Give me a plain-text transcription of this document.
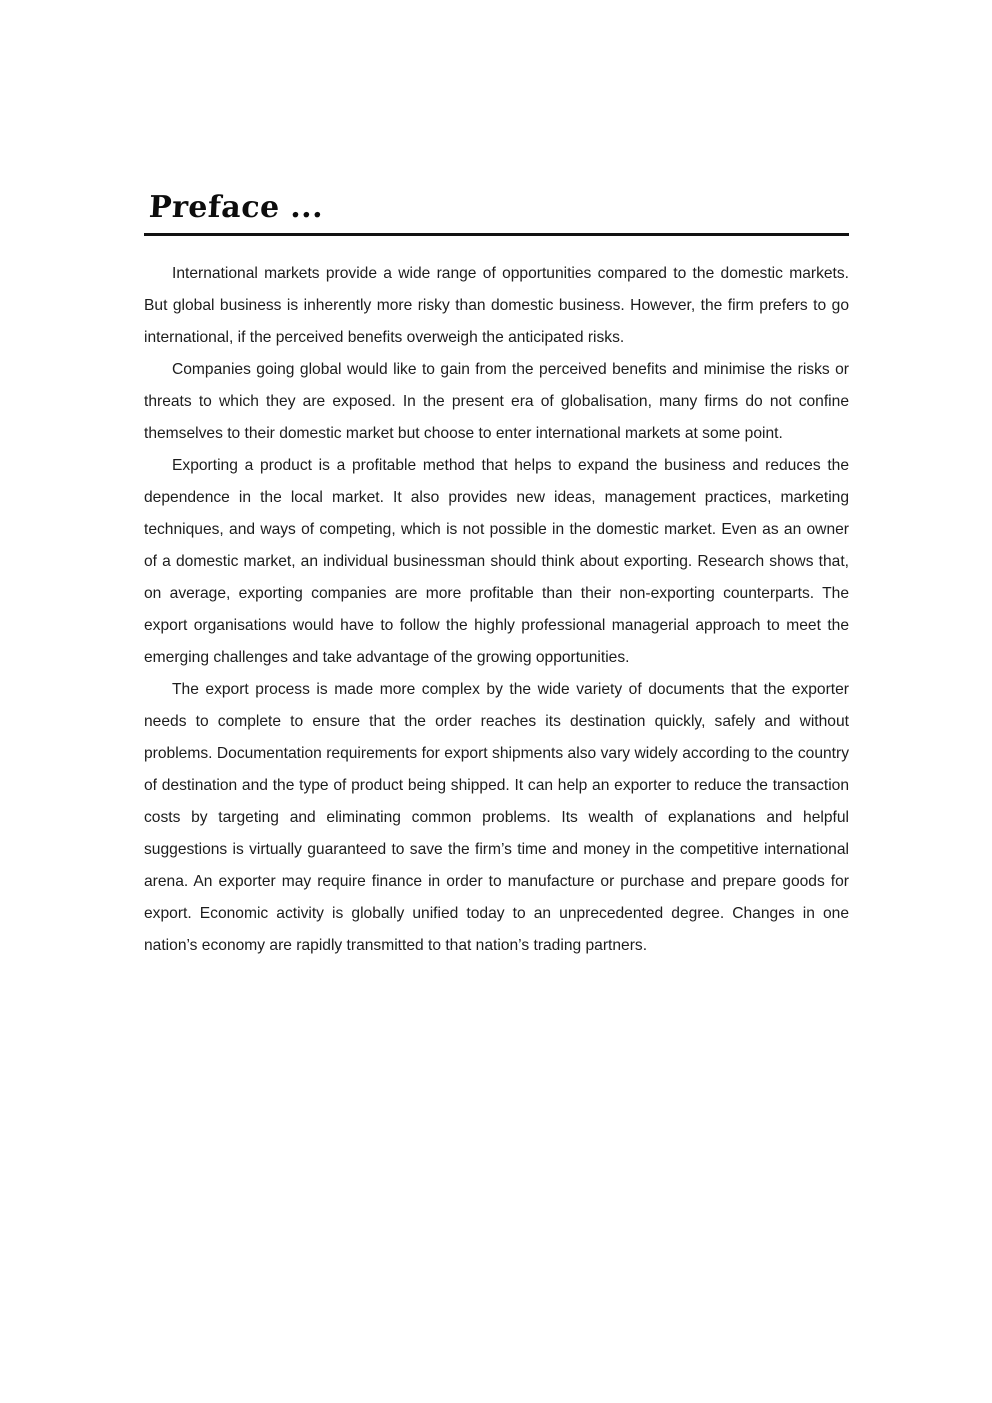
Preface ...

International markets provide a wide range of opportunities compared to the domestic markets. But global business is inherently more risky than domestic business. However, the firm prefers to go international, if the perceived benefits overweigh the anticipated risks.

Companies going global would like to gain from the perceived benefits and minimise the risks or threats to which they are exposed. In the present era of globalisation, many firms do not confine themselves to their domestic market but choose to enter international markets at some point.

Exporting a product is a profitable method that helps to expand the business and reduces the dependence in the local market. It also provides new ideas, management practices, marketing techniques, and ways of competing, which is not possible in the domestic market. Even as an owner of a domestic market, an individual businessman should think about exporting. Research shows that, on average, exporting companies are more profitable than their non-exporting counterparts. The export organisations would have to follow the highly professional managerial approach to meet the emerging challenges and take advantage of the growing opportunities.

The export process is made more complex by the wide variety of documents that the exporter needs to complete to ensure that the order reaches its destination quickly, safely and without problems. Documentation requirements for export shipments also vary widely according to the country of destination and the type of product being shipped. It can help an exporter to reduce the transaction costs by targeting and eliminating common problems. Its wealth of explanations and helpful suggestions is virtually guaranteed to save the firm’s time and money in the competitive international arena. An exporter may require finance in order to manufacture or purchase and prepare goods for export. Economic activity is globally unified today to an unprecedented degree. Changes in one nation’s economy are rapidly transmitted to that nation’s trading partners.
